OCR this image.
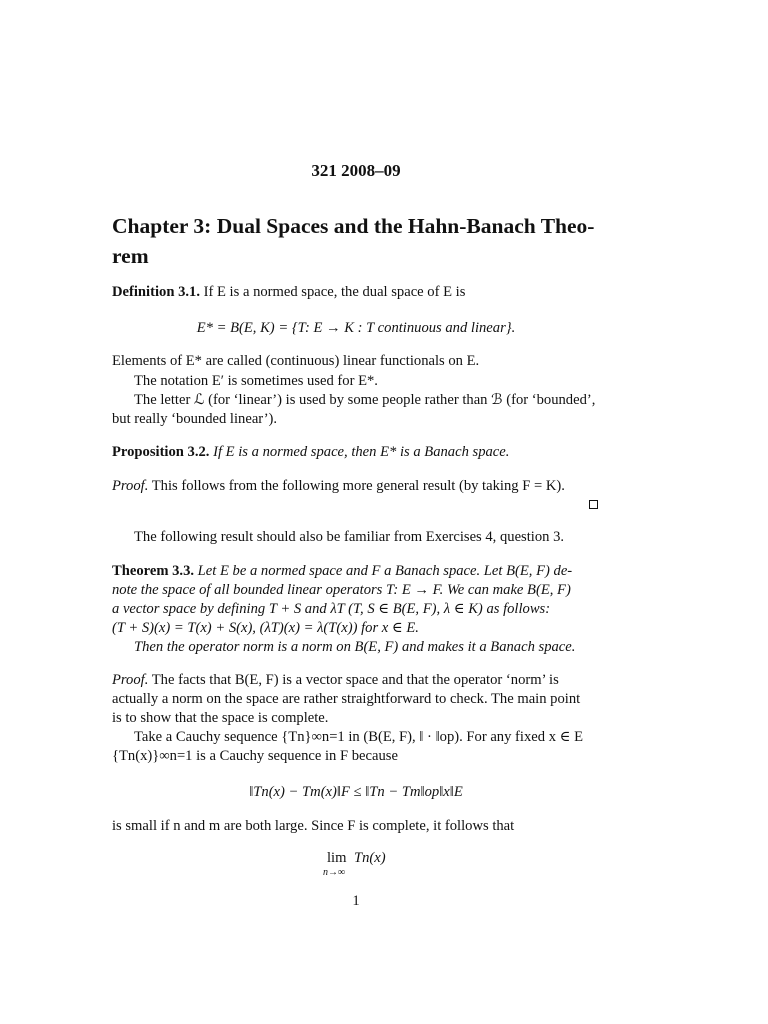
321 2008–09
Chapter 3: Dual Spaces and the Hahn-Banach Theo-
rem
Definition 3.1. If E is a normed space, the dual space of E is
E* = B(E, K) = {T: E → K : T continuous and linear}.
Elements of E* are called (continuous) linear functionals on E.
The notation E′ is sometimes used for E*.
The letter ℒ (for ‘linear’) is used by some people rather than ℬ (for ‘bounded’,
but really ‘bounded linear’).
Proposition 3.2. If E is a normed space, then E* is a Banach space.
Proof. This follows from the following more general result (by taking F = K).
The following result should also be familiar from Exercises 4, question 3.
Theorem 3.3. Let E be a normed space and F a Banach space. Let B(E, F) de-
note the space of all bounded linear operators T: E → F. We can make B(E, F)
a vector space by defining T + S and λT (T, S ∈ B(E, F), λ ∈ K) as follows:
(T + S)(x) = T(x) + S(x), (λT)(x) = λ(T(x)) for x ∈ E.
Then the operator norm is a norm on B(E, F) and makes it a Banach space.
Proof. The facts that B(E, F) is a vector space and that the operator ‘norm’ is
actually a norm on the space are rather straightforward to check. The main point
is to show that the space is complete.
Take a Cauchy sequence {Tn}∞n=1 in (B(E, F), ‖ · ‖op). For any fixed x ∈ E
{Tn(x)}∞n=1 is a Cauchy sequence in F because
‖Tn(x) − Tm(x)‖F ≤ ‖Tn − Tm‖op‖x‖E
is small if n and m are both large. Since F is complete, it follows that
lim Tn(x)
n→∞
1
